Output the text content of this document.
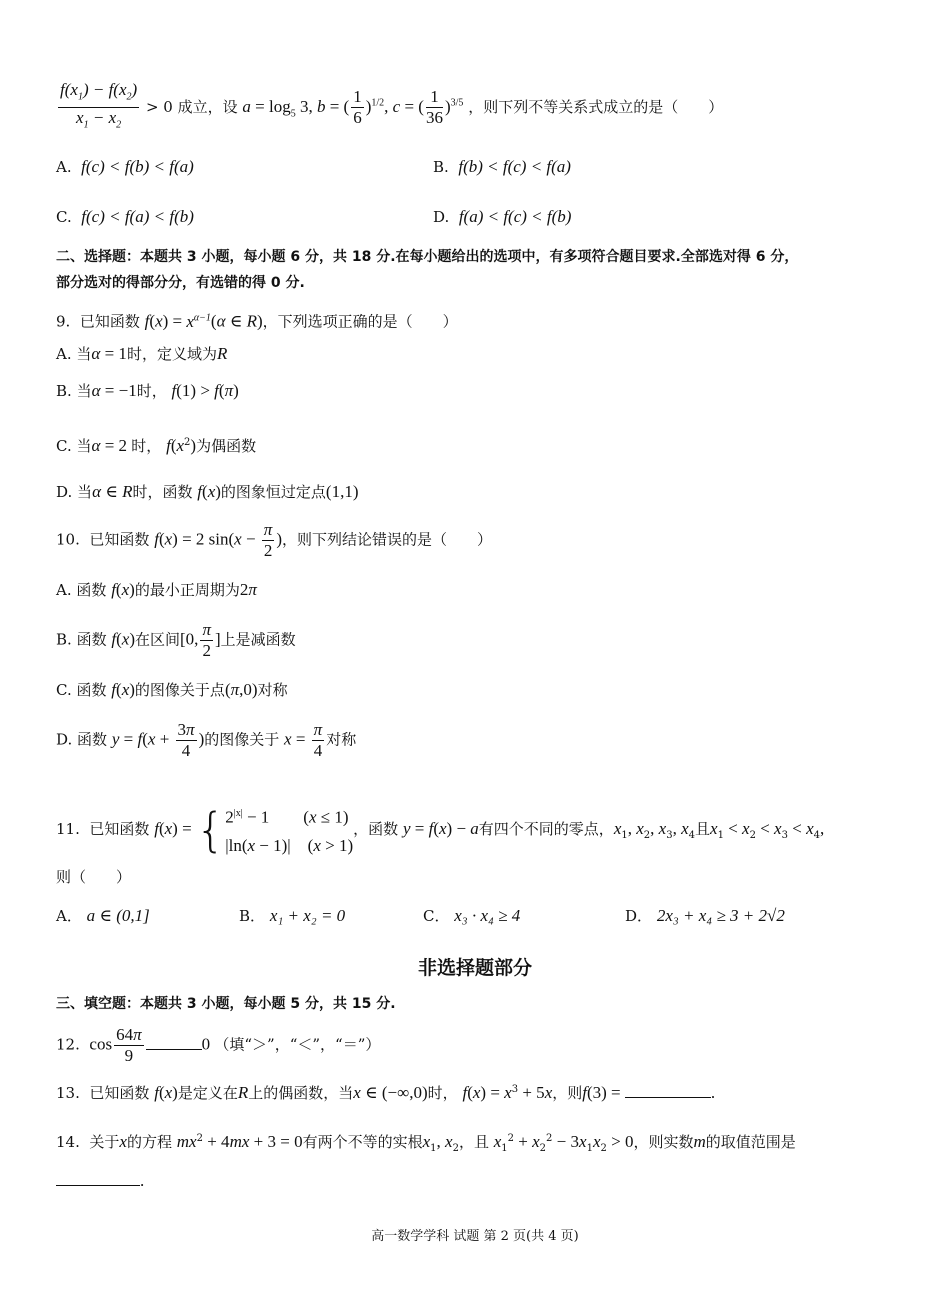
$\frac{f(x_1) - f(x_2)}{x_1 - x_2} > 0$ 成立，设 $a = \log_5 3$, b = ( $\frac{1}{6} )^{1/2}$, c = ( $\frac{1}{36} )^{3/5}$ ，则下列不等关系式成立的是（　　）
A. f(c) < f(b) < f(a)	B. f(b) < f(c) < f(a)
C. f(c) < f(a) < f(b)	D. f(a) < f(c) < f(b)
二、选择题：本题共 3 小题，每小题 6 分，共 18 分.在每小题给出的选项中，有多项符合题目要求.全部选对得 6 分，
部分选对的得部分分，有选错的得 0 分.
9. 已知函数 $f(x) = x^{\alpha-1}(\alpha$ ∈ R)，下列选项正确的是（　　）
A. 当α = 1时，定义域为R
B. 当α = −1时， f(1) > f(π)
C. 当α = 2 时， $f(x^2)$为偶函数
D. 当α ∈ R时，函数 f(x)的图象恒过定点(1,1)
10. 已知函数 f(x) = 2 $\sin(x - \frac{\pi}{2}$ )，则下列结论错误的是（　　）
A. 函数 f(x)的最小正周期为2π
B. 函数 f(x)在区间[0, $\frac{\pi}{2}$ ]上是减函数
C. 函数 f(x)的图像关于点(π,0)对称
D. 函数 $y = f(x + \frac{3\pi}{4}$ )的图像关于 $x = \frac{\pi}{4}$ 对称
11. 已知函数 f(x) = { $2^{|x|} - 1$        (x ≤ 1)
|ln(x − 1)|    (x > 1)
，函数 y = f(x) − a有四个不同的零点，$x_1$, $x_2$, $x_3$, $x_4$且$x_1 < x_2 < x_3 < x_4$,
则（　　）
A． a ∈ (0,1]	B． x₁ + x₂ = 0	C． x₃ · x₄ ≥ 4	D． 2x₃ + x₄ ≥ 3 + 2√2
非选择题部分
三、填空题：本题共 3 小题，每小题 5 分，共 15 分.
12. $\cos \frac{64\pi}{9}$	0 （填“＞”，“＜”，“＝”）
13. 已知函数 f(x)是定义在R上的偶函数，当x ∈ (−∞,0)时， $f(x) = x^3 + 5x$，则f(3) =	.
14. 关于x的方程 $mx^2 + 4mx + 3 = 0$有两个不等的实根$x_1$, $x_2$，且 $x_1^2 + x_2^2 - 3x_1x_2 > 0$，则实数m的取值范围是
.
高一数学学科 试题 第 2 页(共 4 页)
